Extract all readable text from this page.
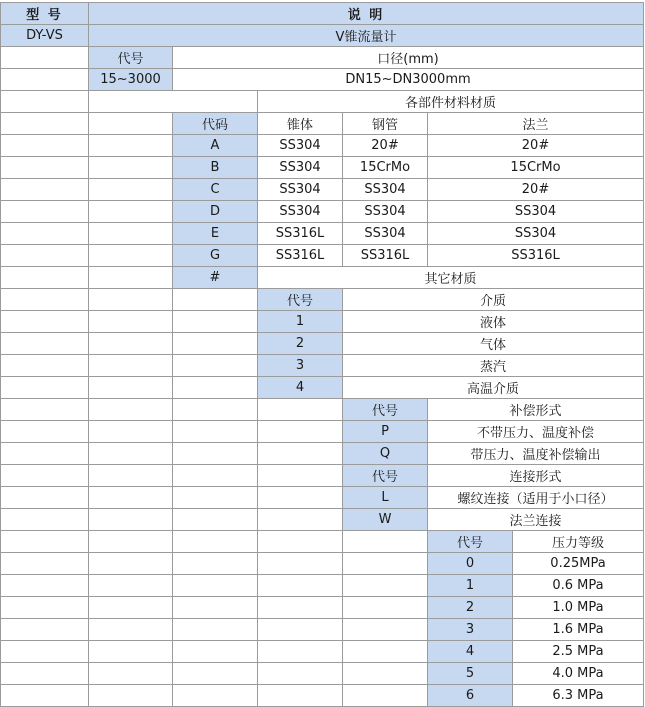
型 号	说 明
DY-VS	V锥流量计
代号	口径(mm)
15~3000	DN15~DN3000mm
各部件材料材质
代码	锥体	钢管	法兰
A	SS304	20#	20#
B	SS304	15CrMo	15CrMo
C	SS304	SS304	20#
D	SS304	SS304	SS304
E	SS316L	SS304	SS304
G	SS316L	SS316L	SS316L
#	其它材质
代号	介质
1	液体
2	气体
3	蒸汽
4	高温介质
代号	补偿形式
P	不带压力、温度补偿
Q	带压力、温度补偿输出
代号	连接形式
L	螺纹连接（适用于小口径）
W	法兰连接
代号	压力等级
0	0.25MPa
1	0.6 MPa
2	1.0 MPa
3	1.6 MPa
4	2.5 MPa
5	4.0 MPa
6	6.3 MPa
